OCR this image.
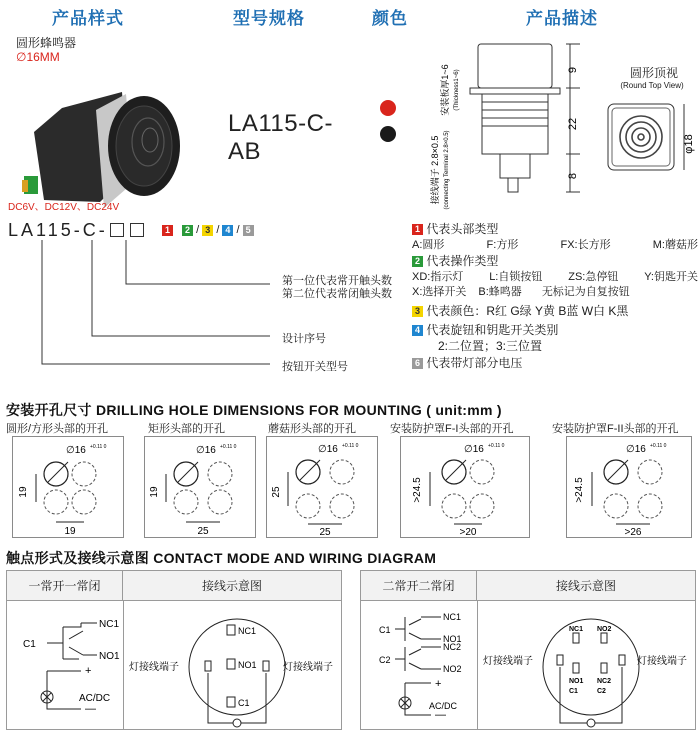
产品样式	型号规格	颜色	产品描述
圆形蜂鸣器
∅16MM
DC6V、DC12V、DC24V
LA115-C-AB
9
22
8
安装板厚1~6 (Thickness1~6)
接线端子 2.8×0.5 (connecting Terminal 2.8×0.5)
圆形顶视
(Round Top View)
φ18
LA115-C-	1 2 / 3 / 4 / 5
第一位代表常开触头数
第二位代表常闭触头数
设计序号
按钮开关型号
1 代表头部类型
A:圆形	F:方形	FX:长方形	M:蘑菇形
2 代表操作类型
XD:指示灯 L:自锁按钮 ZS:急停钮 Y:钥匙开关
X:选择开关 B:蜂鸣器 无标记为自复按钮
3 代表颜色：R红 G绿 Y黄 B蓝 W白 K黑
4 代表旋钮和钥匙开关类别
2:二位置；3:三位置
6 代表带灯部分电压
安装开孔尺寸 DRILLING HOLE DIMENSIONS FOR MOUNTING ( unit:mm )
圆形/方形头部的开孔	矩形头部的开孔	蘑菇形头部的开孔	安装防护罩F-I头部的开孔	安装防护罩F-II头部的开孔
∅16 +0.11 0
19
19
∅16 +0.11 0
19
25
∅16 +0.11 0
25
25
∅16 +0.11 0
>24.5
>20
∅16 +0.11 0
>24.5
>26
触点形式及接线示意图 CONTACT MODE AND WIRING DIAGRAM
一常开一常闭	接线示意图
C1
NC1
NO1
+
AC/DC
—
灯接线端子	灯接线端子
NC1
NO1
C1
二常开二常闭	接线示意图
C1
C2
NC1
NO1
NC2
NO2
+
AC/DC
—
灯接线端子	灯接线端子
NC1 NO2
NO1 NC2
C1	C2
